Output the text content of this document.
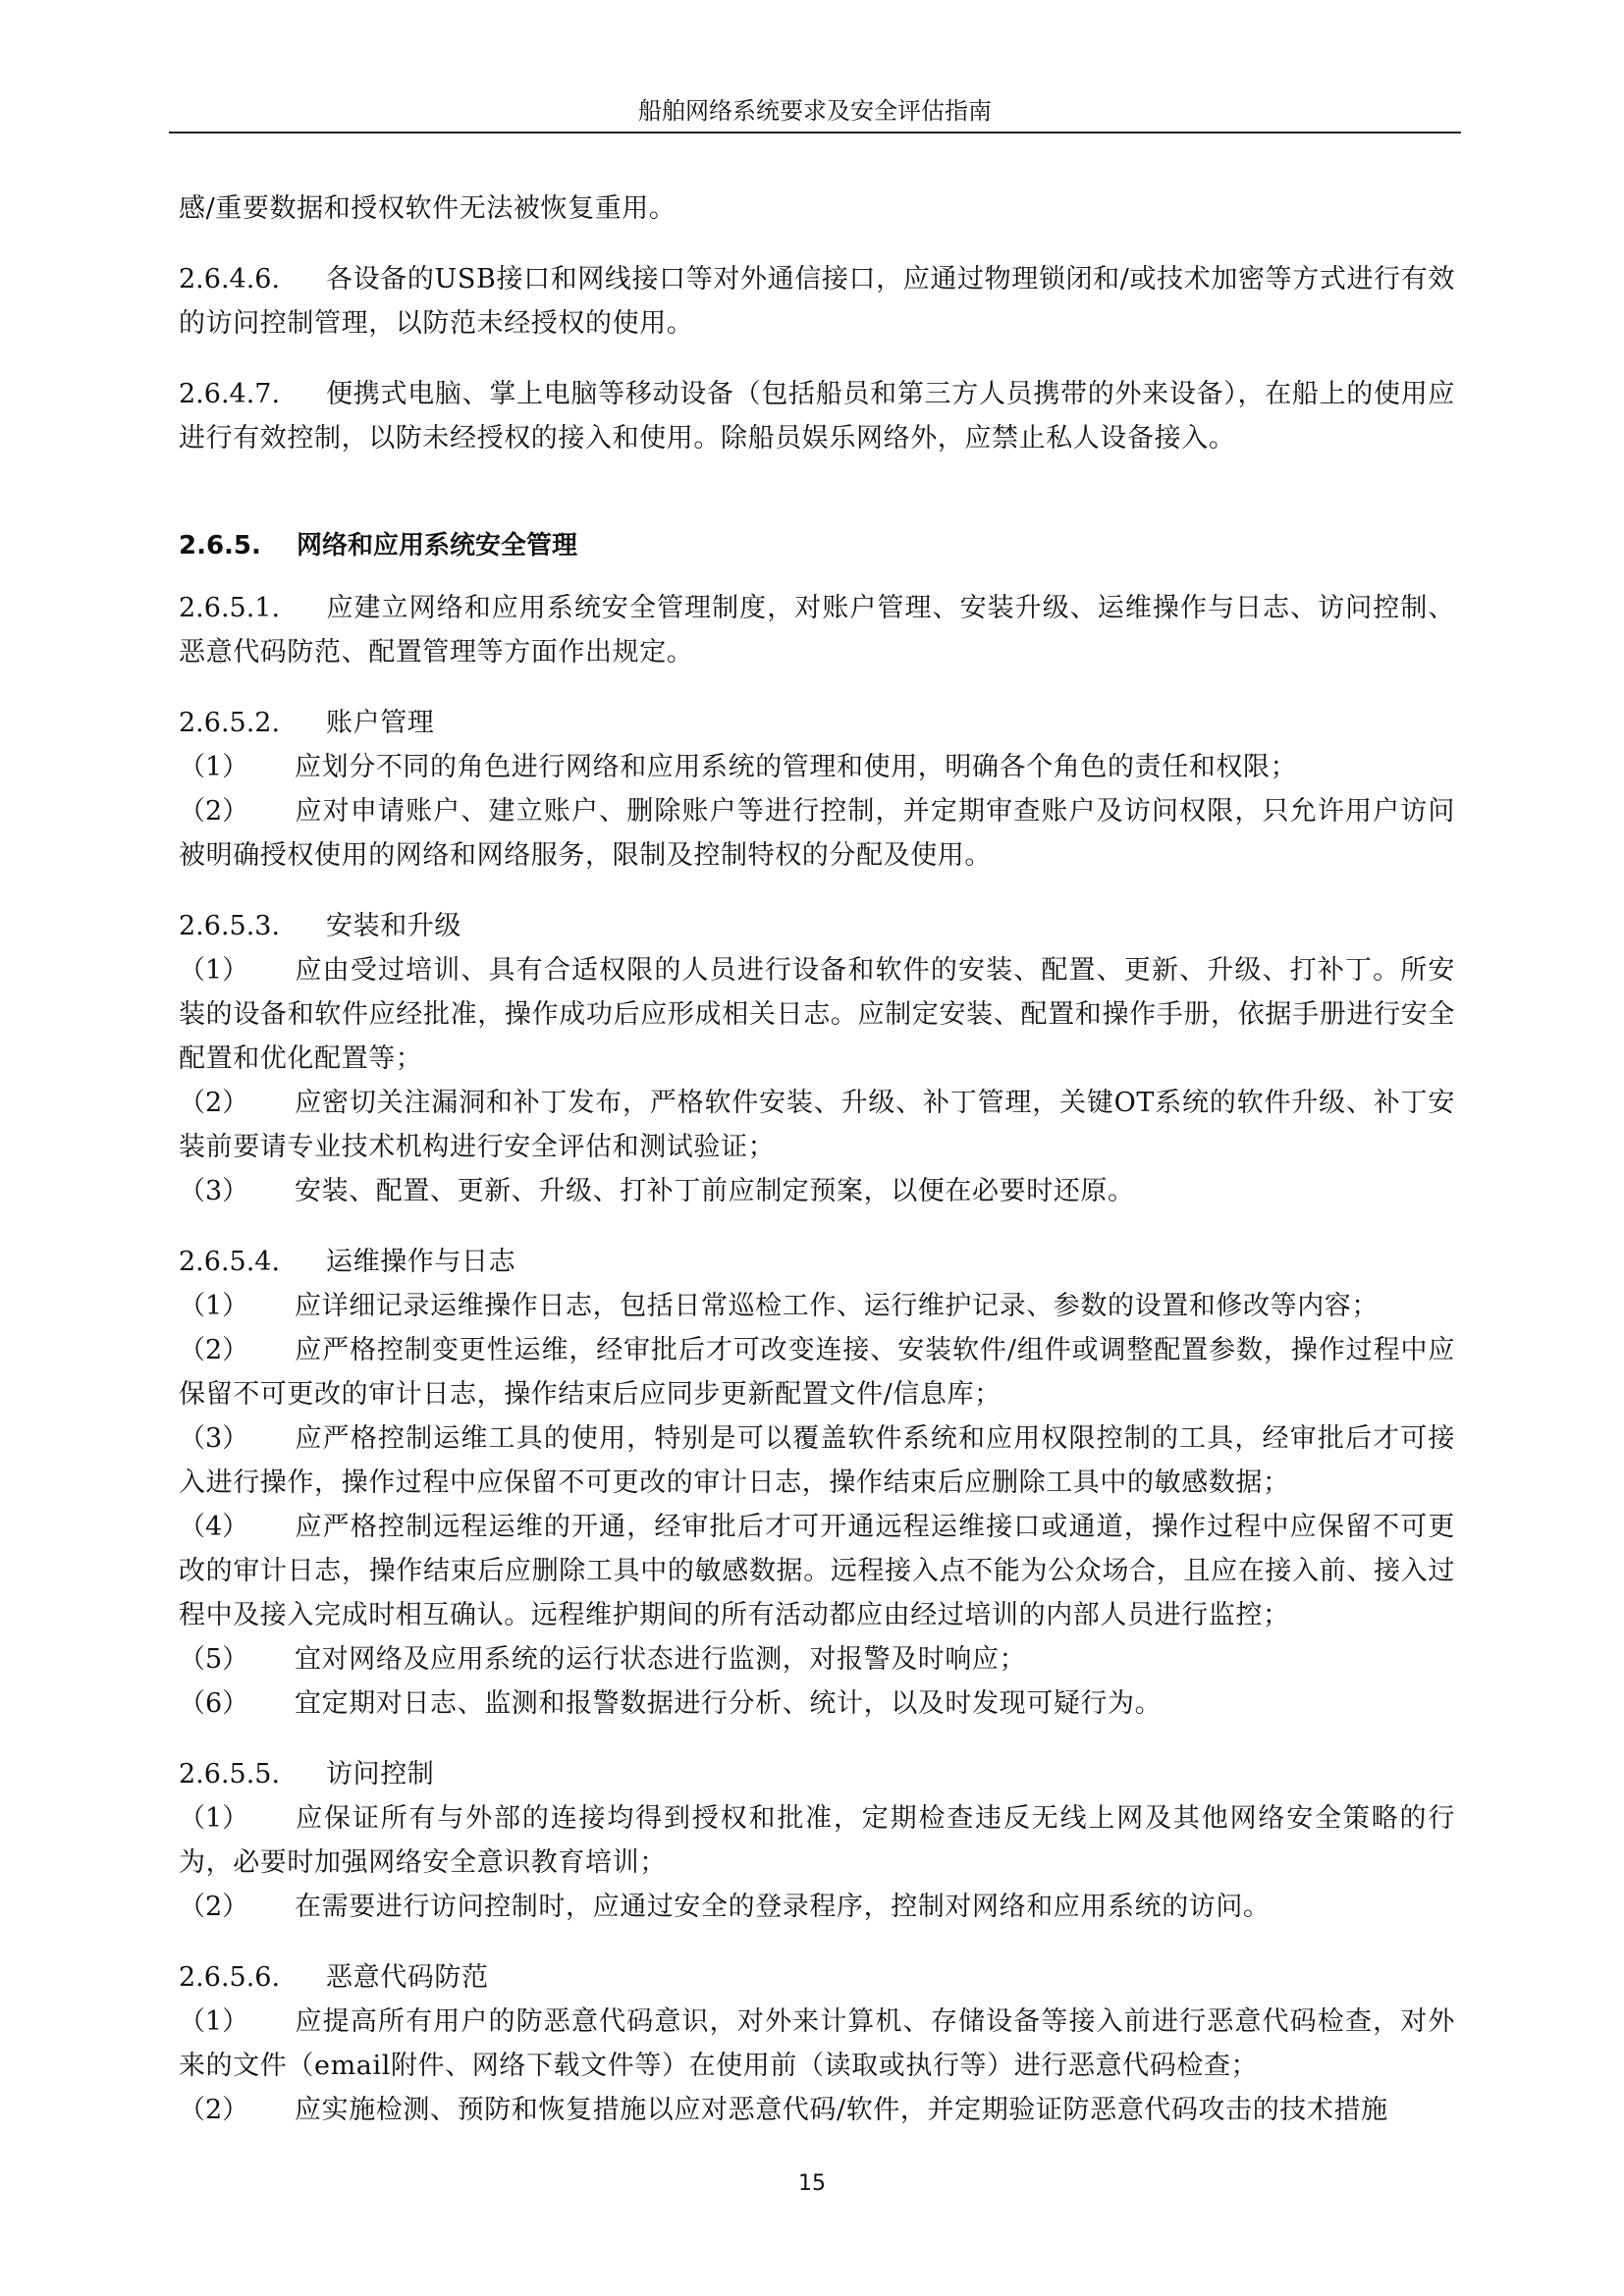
船舶网络系统要求及安全评估指南

感/重要数据和授权软件无法被恢复重用。

2.6.4.6. 各设备的USB接口和网线接口等对外通信接口，应通过物理锁闭和/或技术加密等方式进行有效的访问控制管理，以防范未经授权的使用。

2.6.4.7. 便携式电脑、掌上电脑等移动设备（包括船员和第三方人员携带的外来设备），在船上的使用应进行有效控制，以防未经授权的接入和使用。除船员娱乐网络外，应禁止私人设备接入。

2.6.5. 网络和应用系统安全管理

2.6.5.1. 应建立网络和应用系统安全管理制度，对账户管理、安装升级、运维操作与日志、访问控制、恶意代码防范、配置管理等方面作出规定。

2.6.5.2. 账户管理

（1） 应划分不同的角色进行网络和应用系统的管理和使用，明确各个角色的责任和权限；

（2） 应对申请账户、建立账户、删除账户等进行控制，并定期审查账户及访问权限，只允许用户访问被明确授权使用的网络和网络服务，限制及控制特权的分配及使用。

2.6.5.3. 安装和升级

（1） 应由受过培训、具有合适权限的人员进行设备和软件的安装、配置、更新、升级、打补丁。所安装的设备和软件应经批准，操作成功后应形成相关日志。应制定安装、配置和操作手册，依据手册进行安全配置和优化配置等；

（2） 应密切关注漏洞和补丁发布，严格软件安装、升级、补丁管理，关键OT系统的软件升级、补丁安装前要请专业技术机构进行安全评估和测试验证；

（3） 安装、配置、更新、升级、打补丁前应制定预案，以便在必要时还原。

2.6.5.4. 运维操作与日志

（1） 应详细记录运维操作日志，包括日常巡检工作、运行维护记录、参数的设置和修改等内容；

（2） 应严格控制变更性运维，经审批后才可改变连接、安装软件/组件或调整配置参数，操作过程中应保留不可更改的审计日志，操作结束后应同步更新配置文件/信息库；

（3） 应严格控制运维工具的使用，特别是可以覆盖软件系统和应用权限控制的工具，经审批后才可接入进行操作，操作过程中应保留不可更改的审计日志，操作结束后应删除工具中的敏感数据；

（4） 应严格控制远程运维的开通，经审批后才可开通远程运维接口或通道，操作过程中应保留不可更改的审计日志，操作结束后应删除工具中的敏感数据。远程接入点不能为公众场合，且应在接入前、接入过程中及接入完成时相互确认。远程维护期间的所有活动都应由经过培训的内部人员进行监控；

（5） 宜对网络及应用系统的运行状态进行监测，对报警及时响应；

（6） 宜定期对日志、监测和报警数据进行分析、统计，以及时发现可疑行为。

2.6.5.5. 访问控制

（1） 应保证所有与外部的连接均得到授权和批准，定期检查违反无线上网及其他网络安全策略的行为，必要时加强网络安全意识教育培训；

（2） 在需要进行访问控制时，应通过安全的登录程序，控制对网络和应用系统的访问。

2.6.5.6. 恶意代码防范

（1） 应提高所有用户的防恶意代码意识，对外来计算机、存储设备等接入前进行恶意代码检查，对外来的文件（email附件、网络下载文件等）在使用前（读取或执行等）进行恶意代码检查；

（2） 应实施检测、预防和恢复措施以应对恶意代码/软件，并定期验证防恶意代码攻击的技术措施

15
